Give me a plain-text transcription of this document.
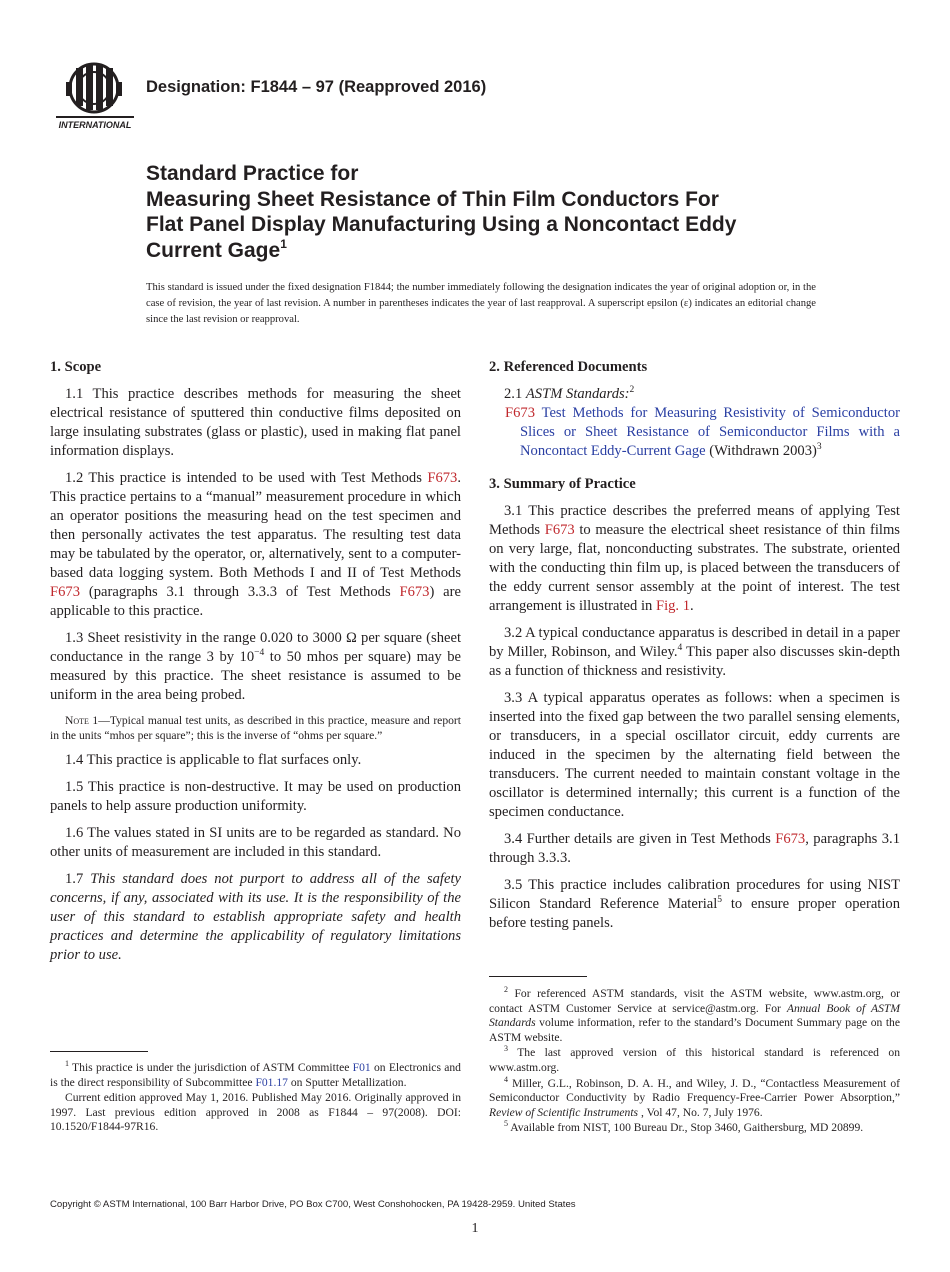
INTERNATIONAL
Designation: F1844 – 97 (Reapproved 2016)
Standard Practice for
Measuring Sheet Resistance of Thin Film Conductors For
Flat Panel Display Manufacturing Using a Noncontact Eddy
Current Gage$^1$
This standard is issued under the fixed designation F1844; the number immediately following the designation indicates the year of original adoption or, in the case of revision, the year of last revision. A number in parentheses indicates the year of last reapproval. A superscript epsilon (ε) indicates an editorial change since the last revision or reapproval.
1. Scope
1.1 This practice describes methods for measuring the sheet electrical resistance of sputtered thin conductive films deposited on large insulating substrates (glass or plastic), used in making flat panel information displays.
1.2 This practice is intended to be used with Test Methods F673. This practice pertains to a “manual” measurement procedure in which an operator positions the measuring head on the test specimen and then personally activates the test apparatus. The resulting test data may be tabulated by the operator, or, alternatively, sent to a computer-based data logging system. Both Methods I and II of Test Methods F673 (paragraphs 3.1 through 3.3.3 of Test Methods F673) are applicable to this practice.
1.3 Sheet resistivity in the range 0.020 to 3000 Ω per square (sheet conductance in the range 3 by $10^{-4}$ to 50 mhos per square) may be measured by this practice. The sheet resistance is assumed to be uniform in the area being probed.
Note 1—Typical manual test units, as described in this practice, measure and report in the units “mhos per square”; this is the inverse of “ohms per square.”
1.4 This practice is applicable to flat surfaces only.
1.5 This practice is non-destructive. It may be used on production panels to help assure production uniformity.
1.6 The values stated in SI units are to be regarded as standard. No other units of measurement are included in this standard.
1.7 This standard does not purport to address all of the safety concerns, if any, associated with its use. It is the responsibility of the user of this standard to establish appropriate safety and health practices and determine the applicability of regulatory limitations prior to use.
$^1$ This practice is under the jurisdiction of ASTM Committee F01 on Electronics and is the direct responsibility of Subcommittee F01.17 on Sputter Metallization.
Current edition approved May 1, 2016. Published May 2016. Originally approved in 1997. Last previous edition approved in 2008 as F1844 – 97(2008). DOI: 10.1520/F1844-97R16.
2. Referenced Documents
2.1 ASTM Standards:$^2$
F673 Test Methods for Measuring Resistivity of Semiconductor Slices or Sheet Resistance of Semiconductor Films with a Noncontact Eddy-Current Gage (Withdrawn 2003)$^3$
3. Summary of Practice
3.1 This practice describes the preferred means of applying Test Methods F673 to measure the electrical sheet resistance of thin films on very large, flat, nonconducting substrates. The substrate, oriented with the conducting thin film up, is placed between the transducers of the eddy current sensor assembly at the point of interest. The test arrangement is illustrated in Fig. 1.
3.2 A typical conductance apparatus is described in detail in a paper by Miller, Robinson, and Wiley.$^4$ This paper also discusses skin-depth as a function of thickness and resistivity.
3.3 A typical apparatus operates as follows: when a specimen is inserted into the fixed gap between the two parallel sensing elements, or transducers, in a special oscillator circuit, eddy currents are induced in the specimen by the alternating field between the transducers. The current needed to maintain constant voltage in the oscillator is determined internally; this current is a function of the specimen conductance.
3.4 Further details are given in Test Methods F673, paragraphs 3.1 through 3.3.3.
3.5 This practice includes calibration procedures for using NIST Silicon Standard Reference Material$^5$ to ensure proper operation before testing panels.
$^2$ For referenced ASTM standards, visit the ASTM website, www.astm.org, or contact ASTM Customer Service at service@astm.org. For Annual Book of ASTM Standards volume information, refer to the standard’s Document Summary page on the ASTM website.
$^3$ The last approved version of this historical standard is referenced on www.astm.org.
$^4$ Miller, G.L., Robinson, D. A. H., and Wiley, J. D., “Contactless Measurement of Semiconductor Conductivity by Radio Frequency-Free-Carrier Power Absorption,” Review of Scientific Instruments , Vol 47, No. 7, July 1976.
$^5$ Available from NIST, 100 Bureau Dr., Stop 3460, Gaithersburg, MD 20899.
Copyright © ASTM International, 100 Barr Harbor Drive, PO Box C700, West Conshohocken, PA 19428-2959. United States
1
